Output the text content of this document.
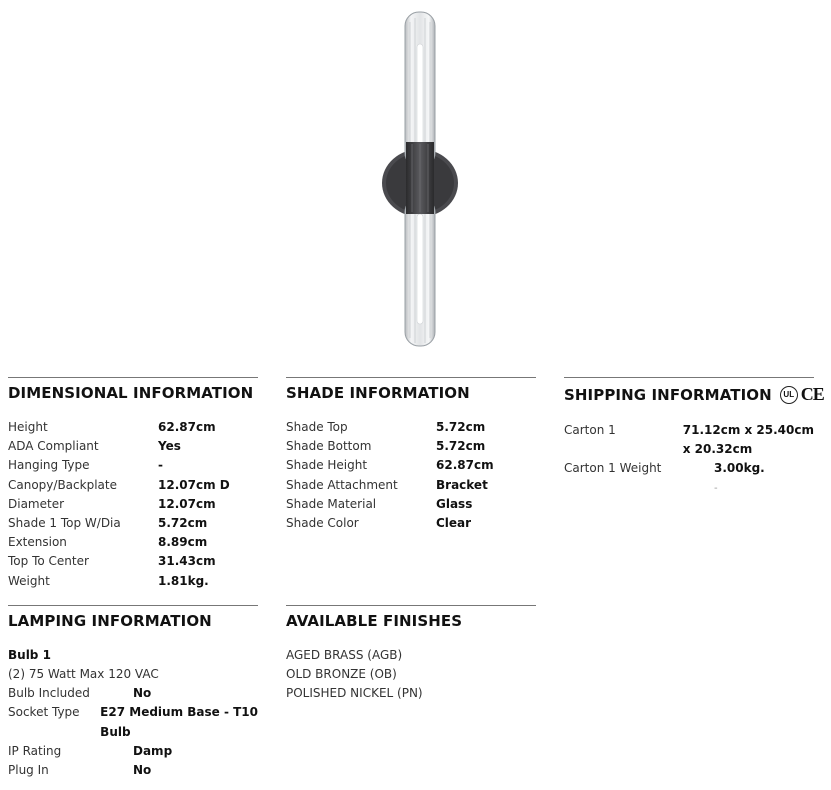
DIMENSIONAL INFORMATION
Height	62.87cm
ADA Compliant	Yes
Hanging Type	-
Canopy/Backplate	12.07cm D
Diameter	12.07cm
Shade 1 Top W/Dia	5.72cm
Extension	8.89cm
Top To Center	31.43cm
Weight	1.81kg.
SHADE INFORMATION
Shade Top	5.72cm
Shade Bottom	5.72cm
Shade Height	62.87cm
Shade Attachment	Bracket
Shade Material	Glass
Shade Color	Clear
SHIPPING INFORMATION	UL CE
Carton 1	71.12cm x 25.40cm
x 20.32cm
Carton 1 Weight	3.00kg.
-
LAMPING INFORMATION
Bulb 1
(2) 75 Watt Max 120 VAC
Bulb Included	No
Socket Type	E27 Medium Base - T10
Bulb
IP Rating	Damp
Plug In	No
AVAILABLE FINISHES
AGED BRASS (AGB)
OLD BRONZE (OB)
POLISHED NICKEL (PN)
